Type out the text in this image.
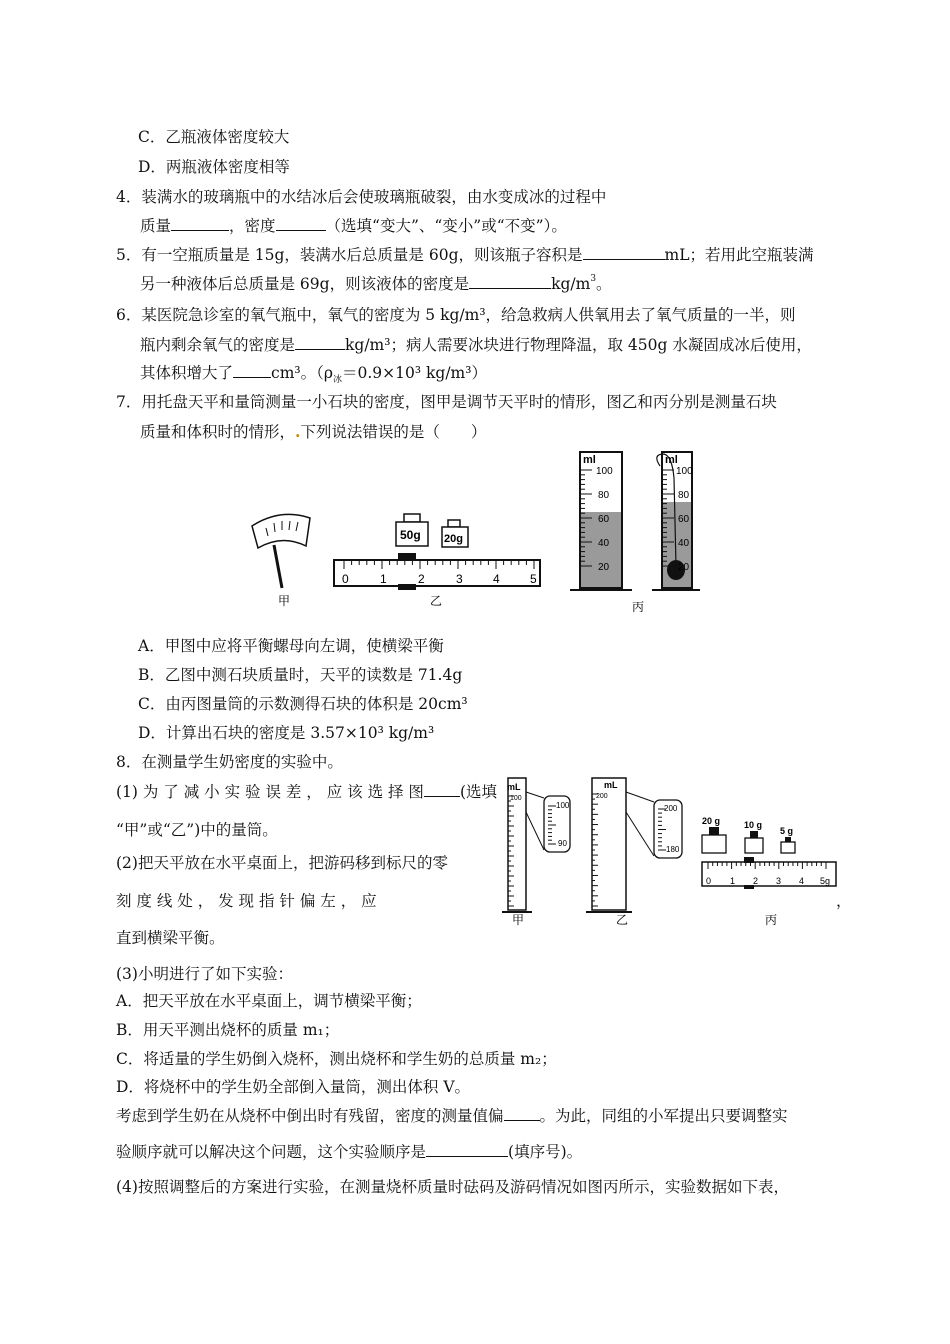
C．乙瓶液体密度较大
D．两瓶液体密度相等
4．装满水的玻璃瓶中的水结冰后会使玻璃瓶破裂，由水变成冰的过程中
质量	，密度	（选填“变大”、“变小”或“不变”）。
5．有一空瓶质量是 15g，装满水后总质量是 60g，则该瓶子容积是	mL；若用此空瓶装满
另一种液体后总质量是 69g，则该液体的密度是	$kg/m^3$。
6．某医院急诊室的氧气瓶中，氧气的密度为 5 kg/m³，给急救病人供氧用去了氧气质量的一半，则
瓶内剩余氧气的密度是	kg/m³；病人需要冰块进行物理降温，取 450g 水凝固成冰后使用，
其体积增大了 cm³。（$\rho_冰=0.9\times 10^3$ kg/m³）
7．用托盘天平和量筒测量一小石块的密度，图甲是调节天平时的情形，图乙和丙分别是测量石块
质量和体积时的情形，.下列说法错误的是（　　）
甲
50g 20g
0	1	2	3	4	5
乙
ml
100
80
60
40
20
ml
100
80
60
40
20
丙
A．甲图中应将平衡螺母向左调，使横梁平衡
B．乙图中测石块质量时，天平的读数是 71.4g
C．由丙图量筒的示数测得石块的体积是 20cm³
D．计算出石块的密度是 3.57×10³ kg/m³
8．在测量学生奶密度的实验中。
(1) 为 了 减 小 实 验 误 差 ， 应 该 选 择 图 (选填
“甲”或“乙”)中的量筒。
(2)把天平放在水平桌面上，把游码移到标尺的零
刻 度 线 处 ， 发 现 指 针 偏 左 ， 应	，
直到横梁平衡。
mL
100
100
90
甲
mL
200
200
180
乙
20 g	10 g
5 g
0 1 2 3 4 5g
丙
(3)小明进行了如下实验：
A．把天平放在水平桌面上，调节横梁平衡；
B．用天平测出烧杯的质量 m₁；
C．将适量的学生奶倒入烧杯，测出烧杯和学生奶的总质量 m₂；
D．将烧杯中的学生奶全部倒入量筒，测出体积 V。
考虑到学生奶在从烧杯中倒出时有残留，密度的测量值偏 。为此，同组的小军提出只要调整实
验顺序就可以解决这个问题，这个实验顺序是	(填序号)。
(4)按照调整后的方案进行实验，在测量烧杯质量时砝码及游码情况如图丙所示，实验数据如下表，
